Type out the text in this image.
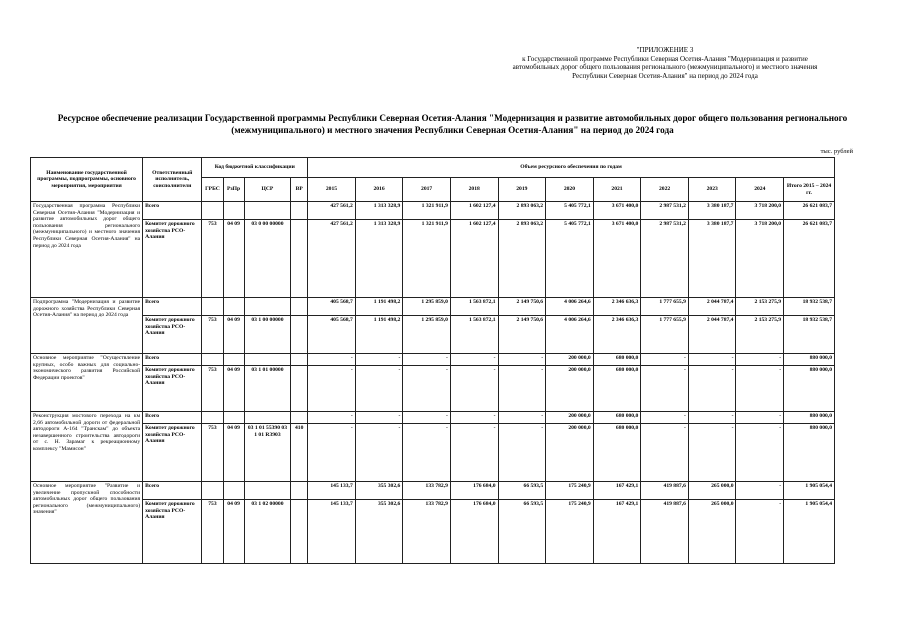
"ПРИЛОЖЕНИЕ 3
к Государственной программе Республики Северная Осетия-Алания "Модернизация и развитие автомобильных дорог общего пользования регионального (межмуниципального) и местного значения Республики Северная Осетия-Алания" на период до 2024 года
Ресурсное обеспечение реализации Государственной программы Республики Северная Осетия-Алания "Модернизация и развитие автомобильных дорог общего пользования регионального (межмуниципального) и местного значения Республики Северная Осетия-Алания" на период до 2024 года
тыс. рублей
Наименование государственной программы, подпрограммы, основного мероприятия, мероприятия	Ответственный исполнитель, соисполнители	Код бюджетной классификации				Объем ресурсного обеспечения по годам										
		ГРБС	РзПр	ЦСР	ВР	2015	2016	2017	2018	2019	2020	2021	2022	2023	2024	Итого 2015 – 2024 гг.
Государственная программа Республики Северная Осетия-Алания "Модернизация и развитие автомобильных дорог общего пользования регионального (межмуниципального) и местного значения Республики Северная Осетия-Алания" на период до 2024 года	Всего					427 561,2	1 313 328,9	1 321 911,9	1 602 127,4	2 893 063,2	5 405 772,1	3 671 400,0	2 987 531,2	3 380 187,7	3 718 200,0	26 621 083,7
	Комитет дорожного хозяйства РСО-Алания	753	04 09	03 0 00 00000		427 561,2	1 313 328,9	1 321 911,9	1 602 127,4	2 893 063,2	5 405 772,1	3 671 400,0	2 987 531,2	3 380 187,7	3 718 200,0	26 621 083,7
Подпрограмма "Модернизация и развитие дорожного хозяйства Республики Северная Осетия-Алания" на период до 2024 года	Всего					405 568,7	1 191 498,2	1 295 859,0	1 563 872,1	2 149 750,6	4 006 264,6	2 346 636,3	1 777 655,9	2 044 787,4	2 153 275,9	18 932 538,7
	Комитет дорожного хозяйства РСО-Алания	753	04 09	03 1 00 00000		405 568,7	1 191 498,2	1 295 859,0	1 563 872,1	2 149 750,6	4 006 264,6	2 346 636,3	1 777 655,9	2 044 787,4	2 153 275,9	18 932 538,7
Основное мероприятие "Осуществление крупных, особо важных для социально-экономического развития Российской Федерации проектов"	Всего					-	-	-	-	-	200 000,0	680 000,0	-	-	-	880 000,0
	Комитет дорожного хозяйства РСО-Алания	753	04 09	03 1 01 00000		-	-	-	-	-	200 000,0	680 000,0	-	-	-	880 000,0
Реконструкция мостового перехода на км 2,66 автомобильной дороги от федеральной автодороги А-164 "Транскам" до объекта незавершенного строительства автодороги от с. Н. Зарамаг к рекреационному комплексу "Мамисон"	Всего					-	-	-	-	-	200 000,0	680 000,0	-	-	-	880 000,0
	Комитет дорожного хозяйства РСО-Алания	753	04 09	03 1 01 55390 03 1 01 R3903	410	-	-	-	-	-	200 000,0	680 000,0	-	-	-	880 000,0
Основное мероприятие "Развитие и увеличение пропускной способности автомобильных дорог общего пользования регионального (межмуниципального) значения"	Всего					145 133,7	355 302,6	133 782,9	176 684,0	66 593,5	175 240,9	167 429,1	419 887,6	265 000,0	-	1 905 054,4
	Комитет дорожного хозяйства РСО-Алания	753	04 09	03 1 02 00000		145 133,7	355 302,6	133 782,9	176 684,0	66 593,5	175 240,9	167 429,1	419 887,6	265 000,0	-	1 905 054,4
